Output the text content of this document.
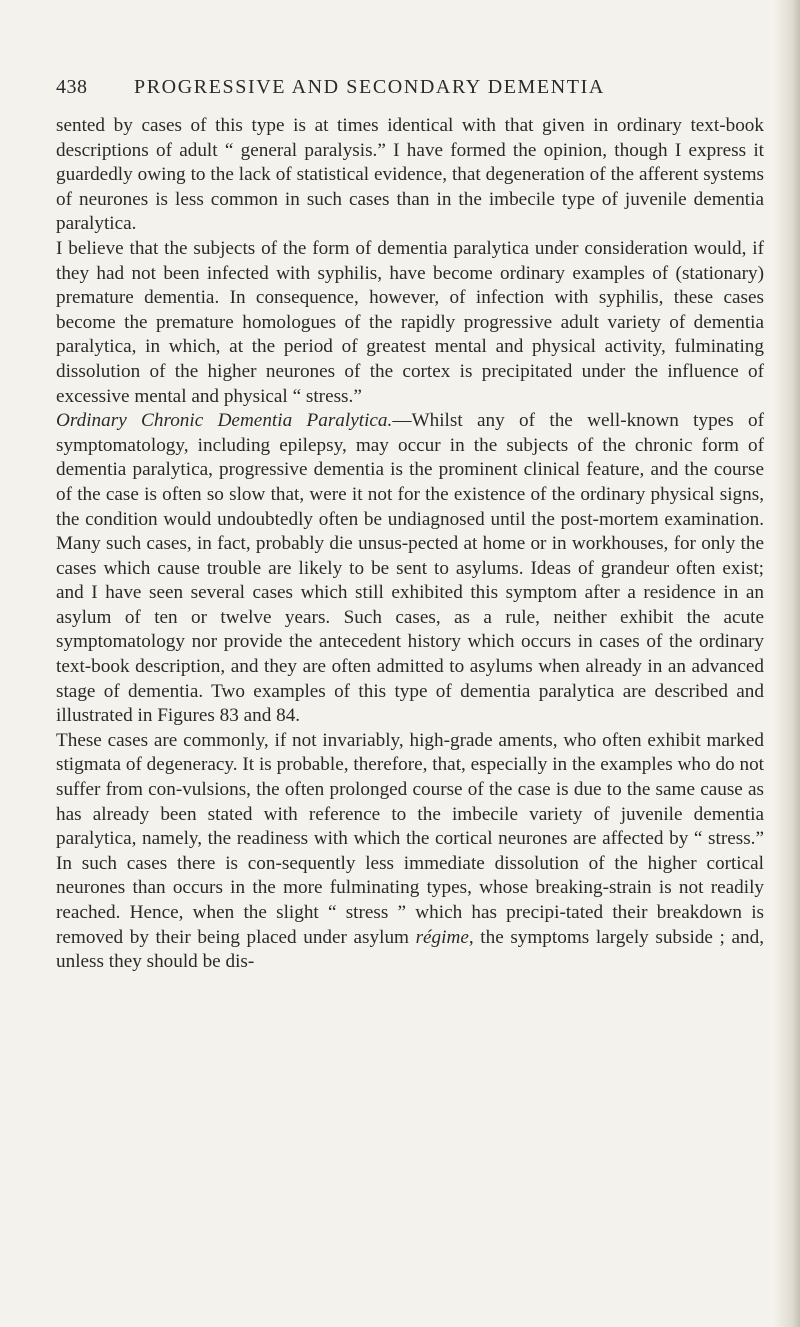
438 PROGRESSIVE AND SECONDARY DEMENTIA

sented by cases of this type is at times identical with that given in ordinary text-book descriptions of adult “ general paralysis.” I have formed the opinion, though I express it guardedly owing to the lack of statistical evidence, that degeneration of the afferent systems of neurones is less common in such cases than in the imbecile type of juvenile dementia paralytica.

I believe that the subjects of the form of dementia paralytica under consideration would, if they had not been infected with syphilis, have become ordinary examples of (stationary) premature dementia. In consequence, however, of infection with syphilis, these cases become the premature homologues of the rapidly progressive adult variety of dementia paralytica, in which, at the period of greatest mental and physical activity, fulminating dissolution of the higher neurones of the cortex is precipitated under the influence of excessive mental and physical “ stress.”

Ordinary Chronic Dementia Paralytica.—Whilst any of the well-known types of symptomatology, including epilepsy, may occur in the subjects of the chronic form of dementia paralytica, progressive dementia is the prominent clinical feature, and the course of the case is often so slow that, were it not for the existence of the ordinary physical signs, the condition would undoubtedly often be undiagnosed until the post-mortem examination. Many such cases, in fact, probably die unsus-pected at home or in workhouses, for only the cases which cause trouble are likely to be sent to asylums. Ideas of grandeur often exist; and I have seen several cases which still exhibited this symptom after a residence in an asylum of ten or twelve years. Such cases, as a rule, neither exhibit the acute symptomatology nor provide the antecedent history which occurs in cases of the ordinary text-book description, and they are often admitted to asylums when already in an advanced stage of dementia. Two examples of this type of dementia paralytica are described and illustrated in Figures 83 and 84.

These cases are commonly, if not invariably, high-grade aments, who often exhibit marked stigmata of degeneracy. It is probable, therefore, that, especially in the examples who do not suffer from con-vulsions, the often prolonged course of the case is due to the same cause as has already been stated with reference to the imbecile variety of juvenile dementia paralytica, namely, the readiness with which the cortical neurones are affected by “ stress.” In such cases there is con-sequently less immediate dissolution of the higher cortical neurones than occurs in the more fulminating types, whose breaking-strain is not readily reached. Hence, when the slight “ stress ” which has precipi-tated their breakdown is removed by their being placed under asylum régime, the symptoms largely subside ; and, unless they should be dis-
